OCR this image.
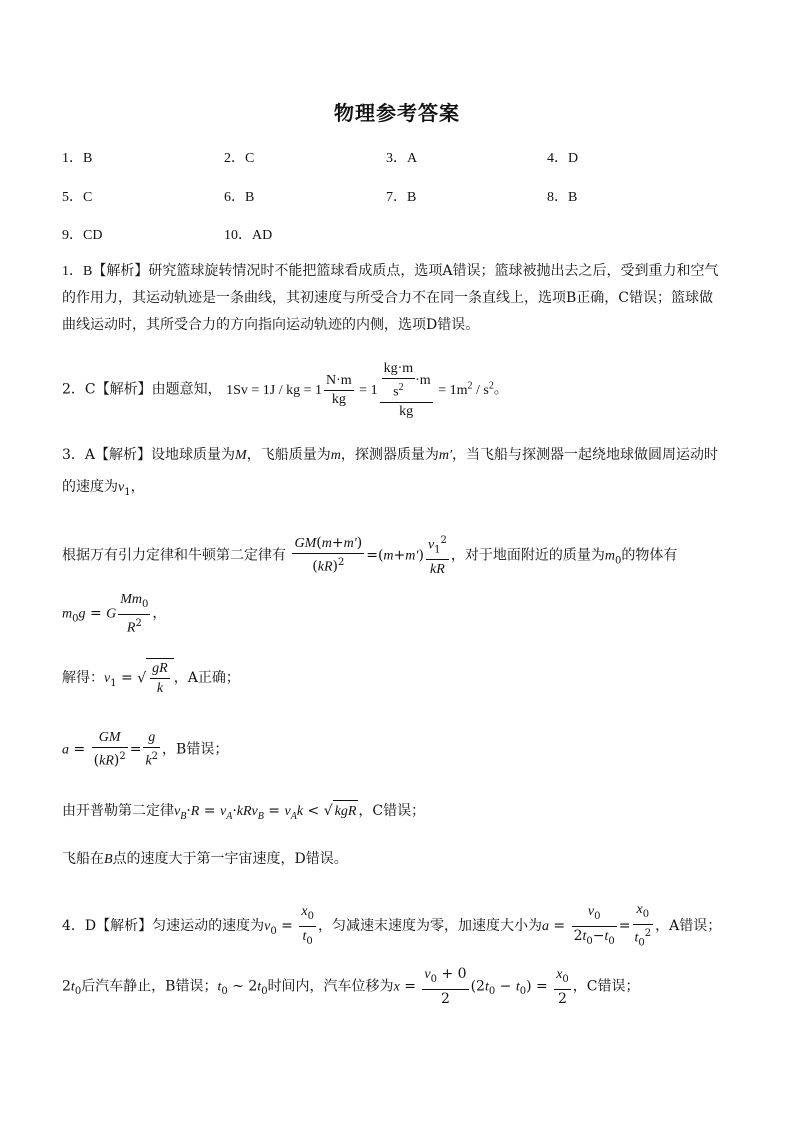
物理参考答案
1．B	2．C	3．A	4．D
5．C	6．B	7．B	8．B
9．CD	10．AD
1．B【解析】研究篮球旋转情况时不能把篮球看成质点，选项A错误；篮球被抛出去之后，受到重力和空气
的作用力，其运动轨迹是一条曲线，其初速度与所受合力不在同一条直线上，选项B正确，C错误；篮球做
曲线运动时，其所受合力的方向指向运动轨迹的内侧，选项D错误。
2．C【解析】由题意知， 1Sv = 1J / kg = $1 \frac{N\cdot m}{kg} = 1 \frac{\frac{kg\cdot m}{s^2} \cdot m}{kg} = 1m^2 / s^2$。
3．A【解析】设地球质量为M，飞船质量为m，探测器质量为m′，当飞船与探测器一起绕地球做圆周运动时
的速度为$v_1$，
根据万有引力定律和牛顿第二定律有 $\frac{GM(m+m')}{(kR)^2} =(m+m') \frac{v_1^2}{kR}$ ，对于地面附近的质量为$m_0$的物体有
$m_0g = G \frac{Mm_0}{R^2}$ ，
解得：$v_1$ = √ $\frac{gR}{k}$ ，A正确；
$a = \frac{GM}{(kR)^2} = \frac{g}{k^2}$ ，B错误；
由开普勒第二定律$v_B\cdot R = v_A\cdot kRv_B = v_Ak$ < √ kgR ，C错误；
飞船在B点的速度大于第一宇宙速度，D错误。
4．D【解析】匀速运动的速度为$v_0 = \frac{x_0}{t_0}$ ，匀减速末速度为零，加速度大小为$a = \frac{v_0}{2t_0-t_0} = \frac{x_0}{t_0^2}$ ，A错误；
$2t_0$后汽车静止，B错误；$t_0$ ~ $2t_0$时间内，汽车位移为$x = \frac{v_0 + 0}{2} (2t_0 - t_0) = \frac{x_0}{2}$ ，C错误；
